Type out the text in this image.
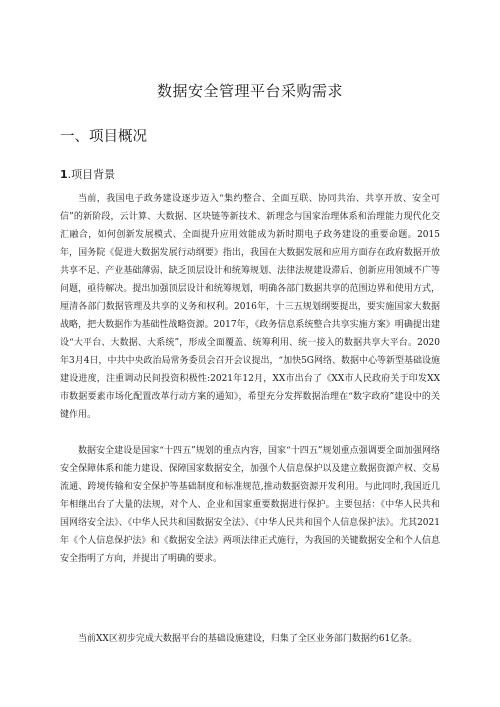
数据安全管理平台采购需求
一、项目概况
1.项目背景

当前，我国电子政务建设逐步迈入“集约整合、全面互联、协同共治、共享开放、安全可信”的新阶段，云计算、大数据、区块链等新技术、新理念与国家治理体系和治理能力现代化交汇融合，如何创新发展模式、全面提升应用效能成为新时期电子政务建设的重要命题。2015年，国务院《促进大数据发展行动纲要》指出，我国在大数据发展和应用方面存在政府数据开放共享不足、产业基础薄弱、缺乏顶层设计和统筹规划、法律法规建设滞后、创新应用领域不广等问题，亟待解决。提出加强顶层设计和统筹规划，明确各部门数据共享的范围边界和使用方式，厘清各部门数据管理及共享的义务和权利。2016年，十三五规划纲要提出，要实施国家大数据战略，把大数据作为基础性战略资源。2017年，《政务信息系统整合共享实施方案》明确提出建设“大平台、大数据、大系统”，形成全面覆盖、统筹利用、统一接入的数据共享大平台。2020年3月4日，中共中央政治局常务委员会召开会议提出，“加快5G网络、数据中心等新型基础设施建设进度，注重调动民间投资积极性:2021年12月，XX市出台了《XX市人民政府关于印发XX市数据要素市场化配置改革行动方案的通知》，希望充分发挥数据治理在“数字政府”建设中的关键作用。

数据安全建设是国家“十四五”规划的重点内容，国家“十四五”规划重点强调要全面加强网络安全保障体系和能力建设、保障国家数据安全，加强个人信息保护以及建立数据资源产权、交易流通、跨境传输和安全保护等基础制度和标准规范,推动数据资源开发利用。与此同时,我国近几年相继出台了大量的法规，对个人、企业和国家重要数据进行保护。主要包括：《中华人民共和国网络安全法》、《中华人民共和国数据安全法》、《中华人民共和国个人信息保护法》。尤其2021年《个人信息保护法》和《数据安全法》两项法律正式施行，为我国的关键数据安全和个人信息安全指明了方向，并提出了明确的要求。

当前XX区初步完成大数据平台的基础设施建设，归集了全区业务部门数据约61亿条。
